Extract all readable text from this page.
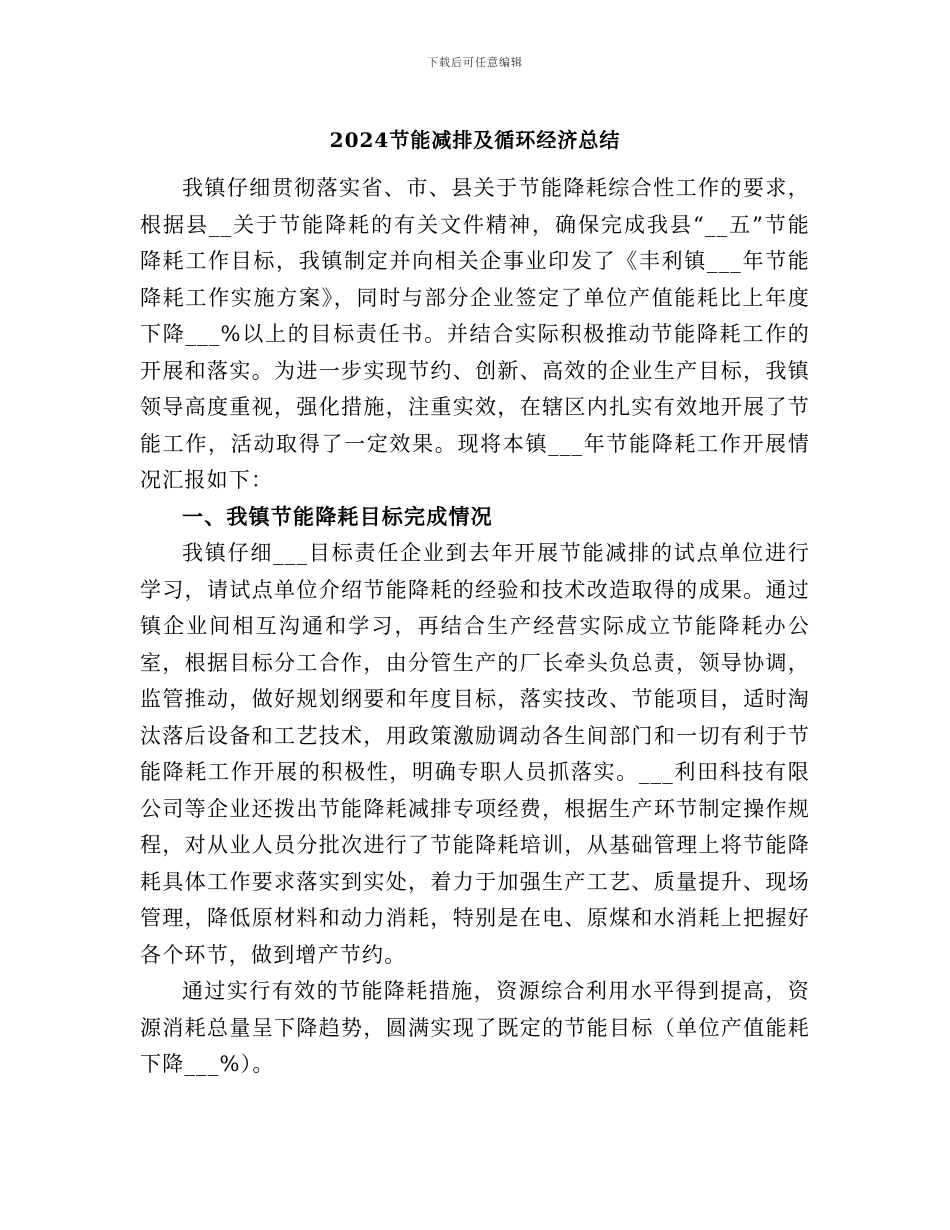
下载后可任意编辑
2024节能减排及循环经济总结

我镇仔细贯彻落实省、市、县关于节能降耗综合性工作的要求，根据县__关于节能降耗的有关文件精神，确保完成我县“__五”节能降耗工作目标，我镇制定并向相关企事业印发了《丰利镇___年节能降耗工作实施方案》，同时与部分企业签定了单位产值能耗比上年度下降___%以上的目标责任书。并结合实际积极推动节能降耗工作的开展和落实。为进一步实现节约、创新、高效的企业生产目标，我镇领导高度重视，强化措施，注重实效，在辖区内扎实有效地开展了节能工作，活动取得了一定效果。现将本镇___年节能降耗工作开展情况汇报如下：

一、我镇节能降耗目标完成情况

我镇仔细___目标责任企业到去年开展节能减排的试点单位进行学习，请试点单位介绍节能降耗的经验和技术改造取得的成果。通过镇企业间相互沟通和学习，再结合生产经营实际成立节能降耗办公室，根据目标分工合作，由分管生产的厂长牵头负总责，领导协调，监管推动，做好规划纲要和年度目标，落实技改、节能项目，适时淘汰落后设备和工艺技术，用政策激励调动各生间部门和一切有利于节能降耗工作开展的积极性，明确专职人员抓落实。___利田科技有限公司等企业还拨出节能降耗减排专项经费，根据生产环节制定操作规程，对从业人员分批次进行了节能降耗培训，从基础管理上将节能降耗具体工作要求落实到实处，着力于加强生产工艺、质量提升、现场管理，降低原材料和动力消耗，特别是在电、原煤和水消耗上把握好各个环节，做到增产节约。

通过实行有效的节能降耗措施，资源综合利用水平得到提高，资源消耗总量呈下降趋势，圆满实现了既定的节能目标（单位产值能耗下降___%）。
